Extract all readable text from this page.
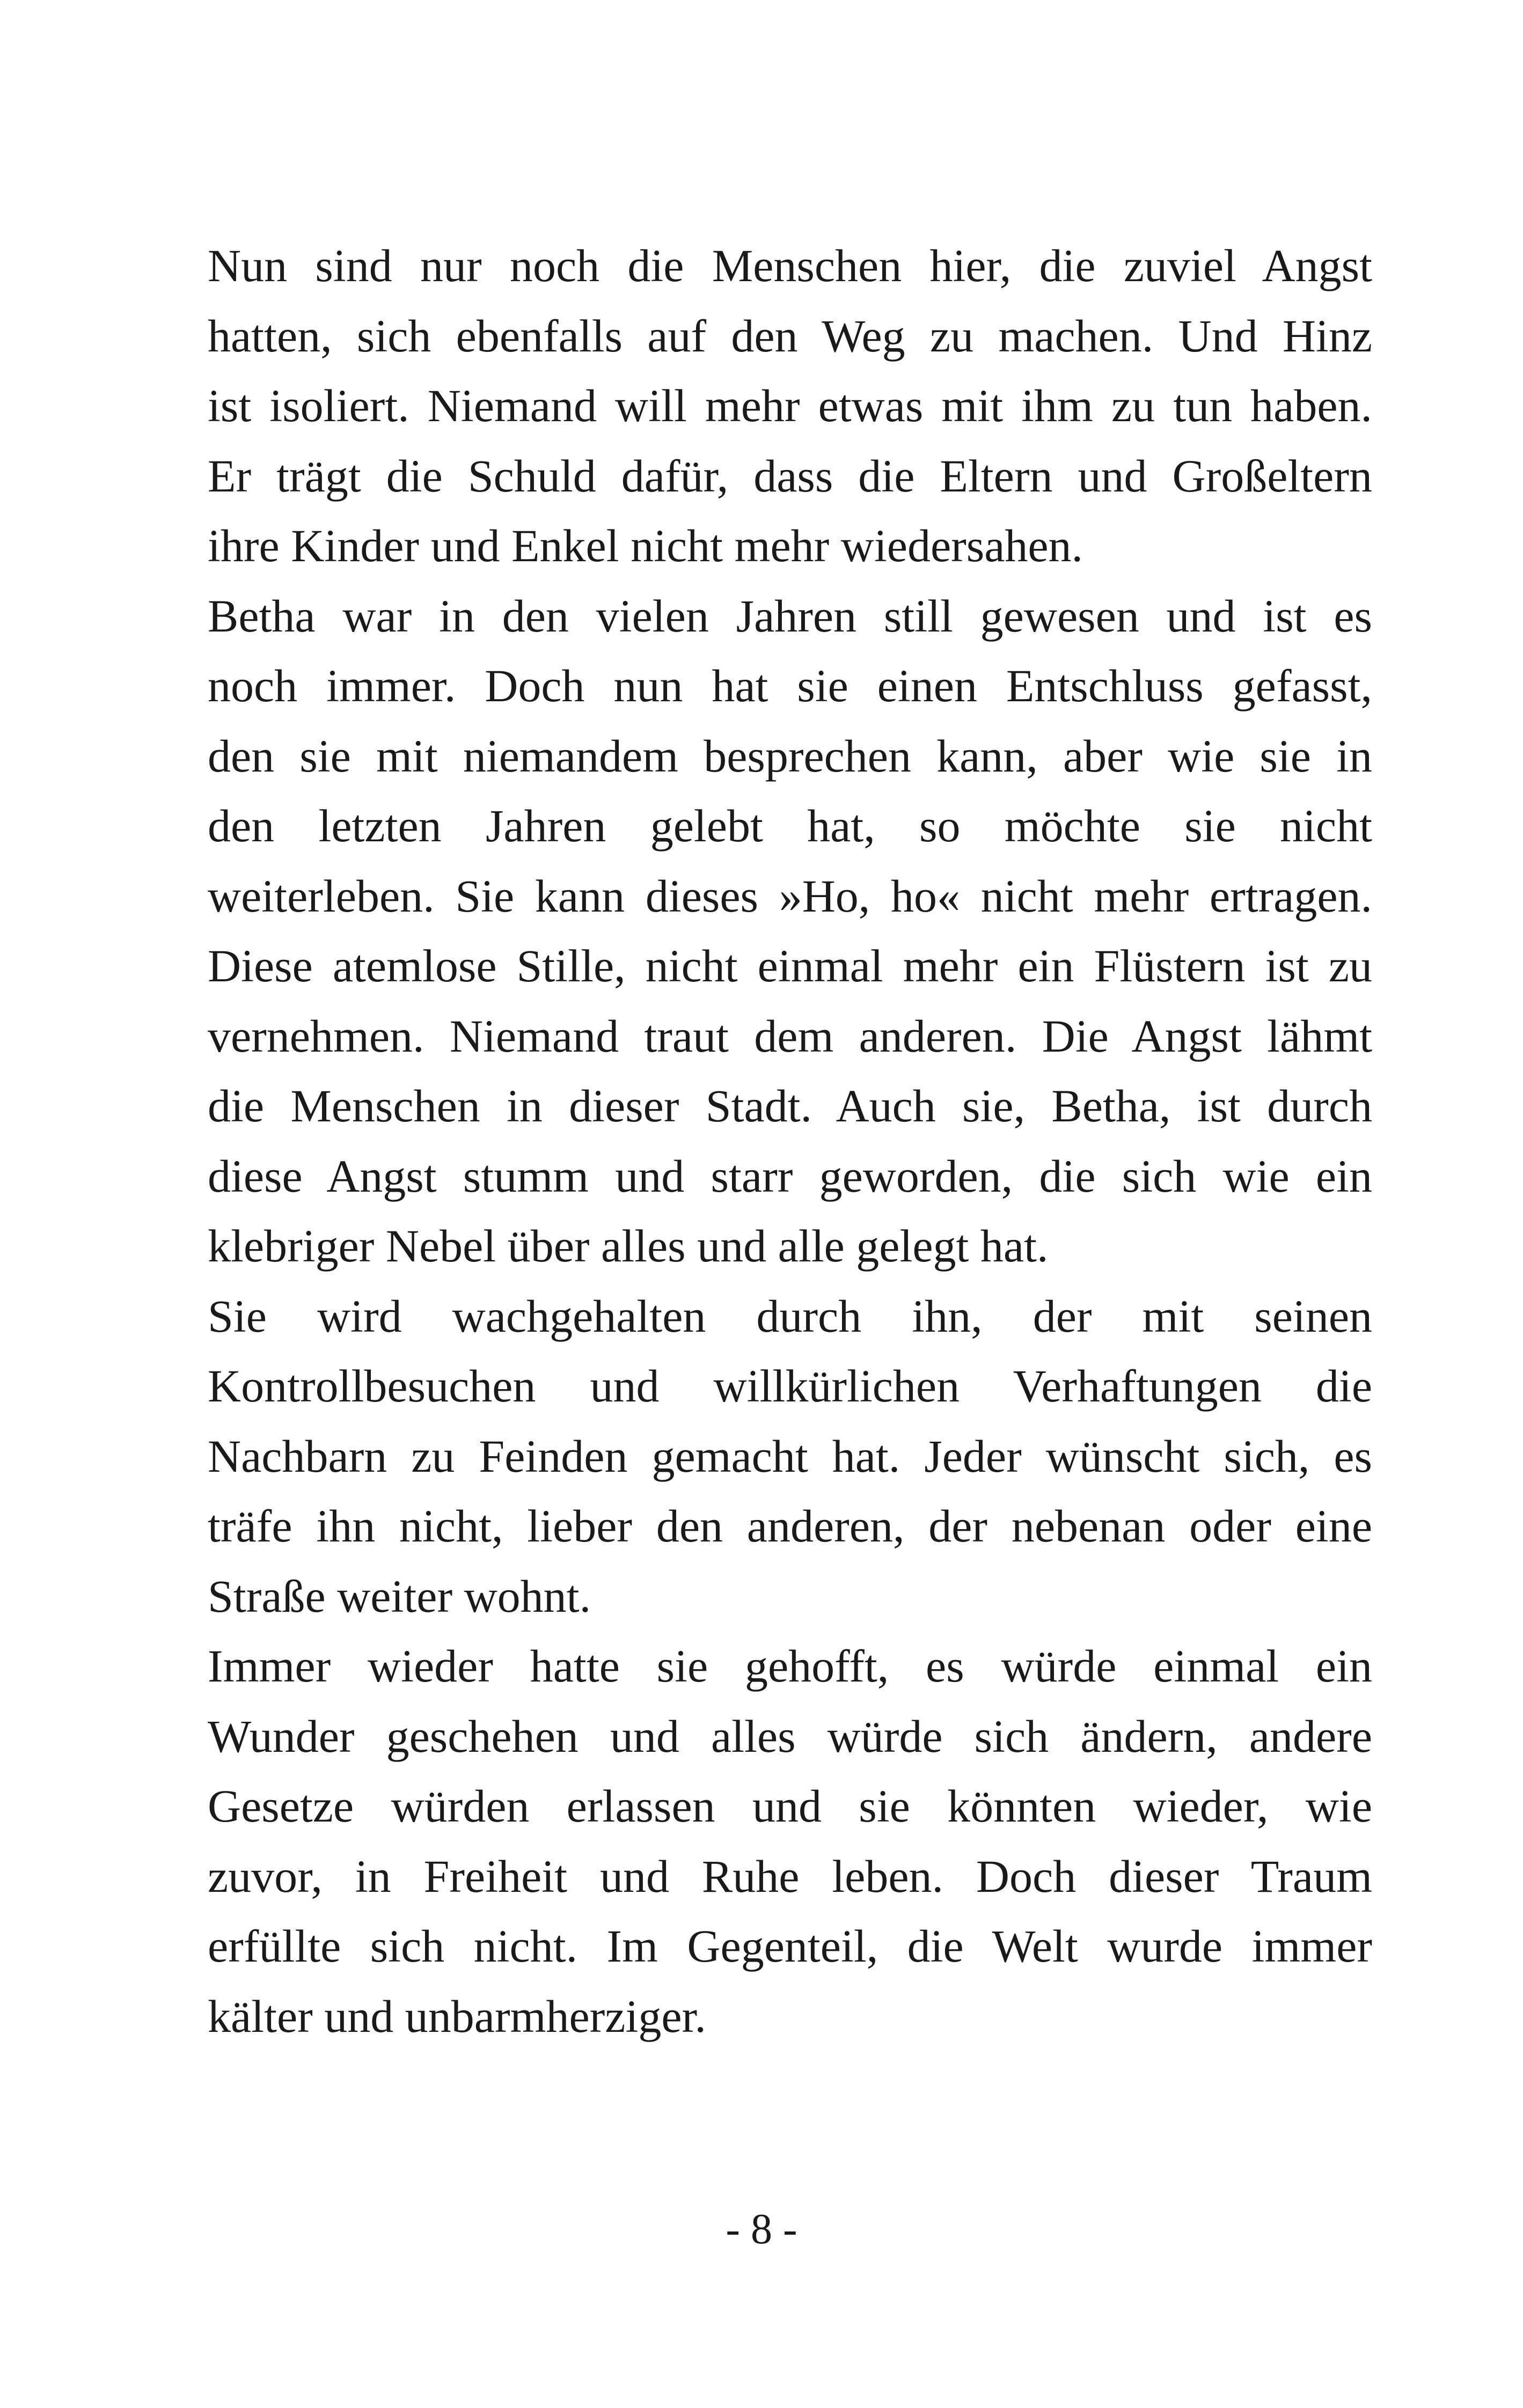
Nun sind nur noch die Menschen hier, die zuviel Angst
hatten, sich ebenfalls auf den Weg zu machen. Und Hinz
ist isoliert. Niemand will mehr etwas mit ihm zu tun haben.
Er trägt die Schuld dafür, dass die Eltern und Großeltern
ihre Kinder und Enkel nicht mehr wiedersahen.

Betha war in den vielen Jahren still gewesen und ist es
noch immer. Doch nun hat sie einen Entschluss gefasst,
den sie mit niemandem besprechen kann, aber wie sie in
den letzten Jahren gelebt hat, so möchte sie nicht
weiterleben. Sie kann dieses »Ho, ho« nicht mehr ertragen.
Diese atemlose Stille, nicht einmal mehr ein Flüstern ist zu
vernehmen. Niemand traut dem anderen. Die Angst lähmt
die Menschen in dieser Stadt. Auch sie, Betha, ist durch
diese Angst stumm und starr geworden, die sich wie ein
klebriger Nebel über alles und alle gelegt hat.

Sie wird wachgehalten durch ihn, der mit seinen
Kontrollbesuchen und willkürlichen Verhaftungen die
Nachbarn zu Feinden gemacht hat. Jeder wünscht sich, es
träfe ihn nicht, lieber den anderen, der nebenan oder eine
Straße weiter wohnt.

Immer wieder hatte sie gehofft, es würde einmal ein
Wunder geschehen und alles würde sich ändern, andere
Gesetze würden erlassen und sie könnten wieder, wie
zuvor, in Freiheit und Ruhe leben. Doch dieser Traum
erfüllte sich nicht. Im Gegenteil, die Welt wurde immer
kälter und unbarmherziger.

- 8 -
